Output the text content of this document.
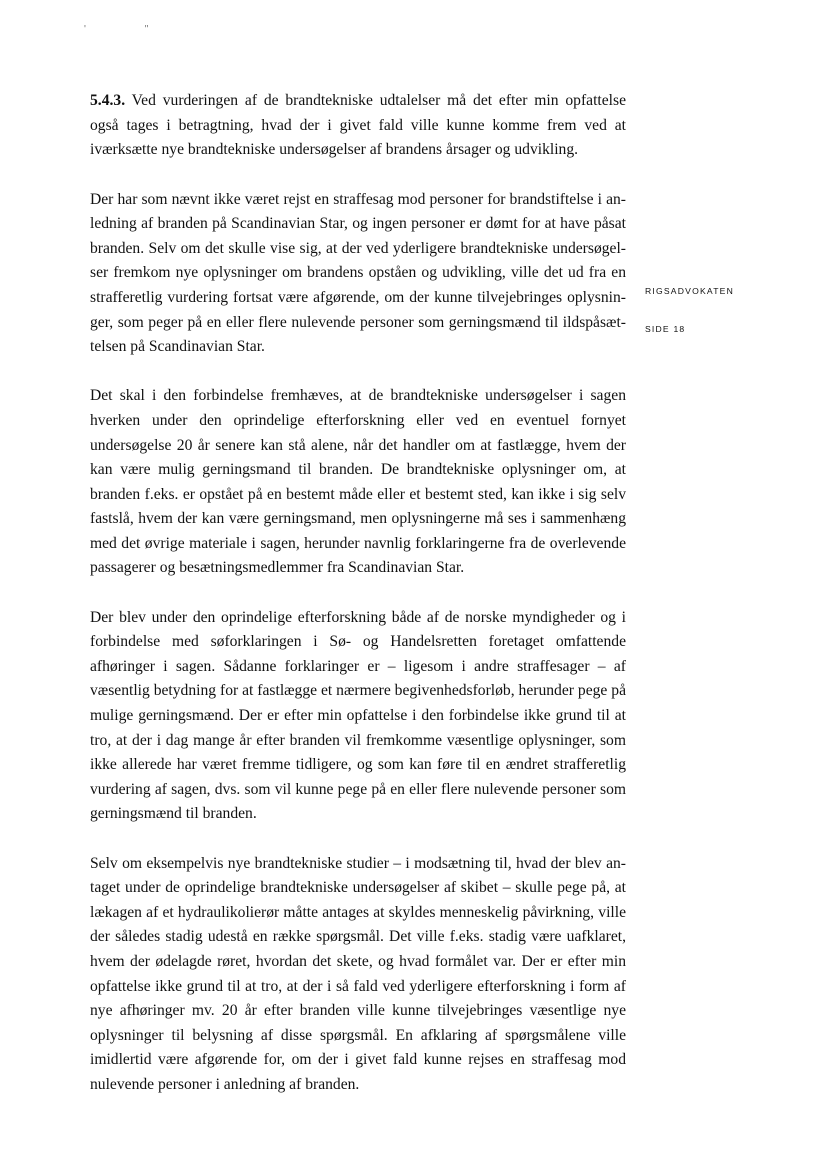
' "

5.4.3. Ved vurderingen af de brandtekniske udtalelser må det efter min opfattelse også tages i betragtning, hvad der i givet fald ville kunne komme frem ved at iværksætte nye brandtekniske undersøgelser af brandens årsager og udvikling.

Der har som nævnt ikke været rejst en straffesag mod personer for brandstiftelse i anledning af branden på Scandinavian Star, og ingen personer er dømt for at have påsat branden. Selv om det skulle vise sig, at der ved yderligere brandtekniske undersøgelser fremkom nye oplysninger om brandens opståen og udvikling, ville det ud fra en strafferetlig vurdering fortsat være afgørende, om der kunne tilvejebringes oplysninger, som peger på en eller flere nulevende personer som gerningsmænd til ildspåsættelsen på Scandinavian Star.

Det skal i den forbindelse fremhæves, at de brandtekniske undersøgelser i sagen hverken under den oprindelige efterforskning eller ved en eventuel fornyet undersøgelse 20 år senere kan stå alene, når det handler om at fastlægge, hvem der kan være mulig gerningsmand til branden. De brandtekniske oplysninger om, at branden f.eks. er opstået på en bestemt måde eller et bestemt sted, kan ikke i sig selv fastslå, hvem der kan være gerningsmand, men oplysningerne må ses i sammenhæng med det øvrige materiale i sagen, herunder navnlig forklaringerne fra de overlevende passagerer og besætningsmedlemmer fra Scandinavian Star.

Der blev under den oprindelige efterforskning både af de norske myndigheder og i forbindelse med søforklaringen i Sø- og Handelsretten foretaget omfattende afhøringer i sagen. Sådanne forklaringer er – ligesom i andre straffesager – af væsentlig betydning for at fastlægge et nærmere begivenhedsforløb, herunder pege på mulige gerningsmænd. Der er efter min opfattelse i den forbindelse ikke grund til at tro, at der i dag mange år efter branden vil fremkomme væsentlige oplysninger, som ikke allerede har været fremme tidligere, og som kan føre til en ændret strafferetlig vurdering af sagen, dvs. som vil kunne pege på en eller flere nulevende personer som gerningsmænd til branden.

Selv om eksempelvis nye brandtekniske studier – i modsætning til, hvad der blev antaget under de oprindelige brandtekniske undersøgelser af skibet – skulle pege på, at lækagen af et hydraulikolierør måtte antages at skyldes menneskelig påvirkning, ville der således stadig udestå en række spørgsmål. Det ville f.eks. stadig være uafklaret, hvem der ødelagde røret, hvordan det skete, og hvad formålet var. Der er efter min opfattelse ikke grund til at tro, at der i så fald ved yderligere efterforskning i form af nye afhøringer mv. 20 år efter branden ville kunne tilvejebringes væsentlige nye oplysninger til belysning af disse spørgsmål. En afklaring af spørgsmålene ville imidlertid være afgørende for, om der i givet fald kunne rejses en straffesag mod nulevende personer i anledning af branden.

RIGSADVOKATEN
SIDE 18
